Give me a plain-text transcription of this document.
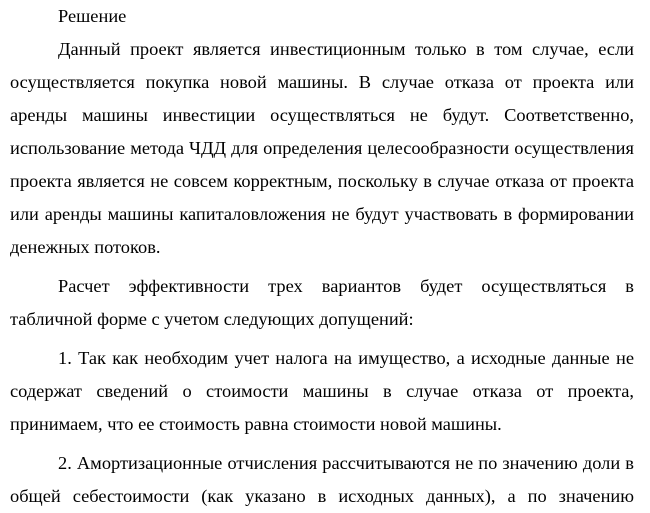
Решение

Данный проект является инвестиционным только в том случае, если осуществляется покупка новой машины. В случае отказа от проекта или аренды машины инвестиции осуществляться не будут. Соответственно, использование метода ЧДД для определения целесообразности осуществления проекта является не совсем корректным, поскольку в случае отказа от проекта или аренды машины капиталовложения не будут участвовать в формировании денежных потоков.

Расчет эффективности трех вариантов будет осуществляться в табличной форме с учетом следующих допущений:

1. Так как необходим учет налога на имущество, а исходные данные не содержат сведений о стоимости машины в случае отказа от проекта, принимаем, что ее стоимость равна стоимости новой машины.

2. Амортизационные отчисления рассчитываются не по значению доли в общей себестоимости (как указано в исходных данных), а по значению
